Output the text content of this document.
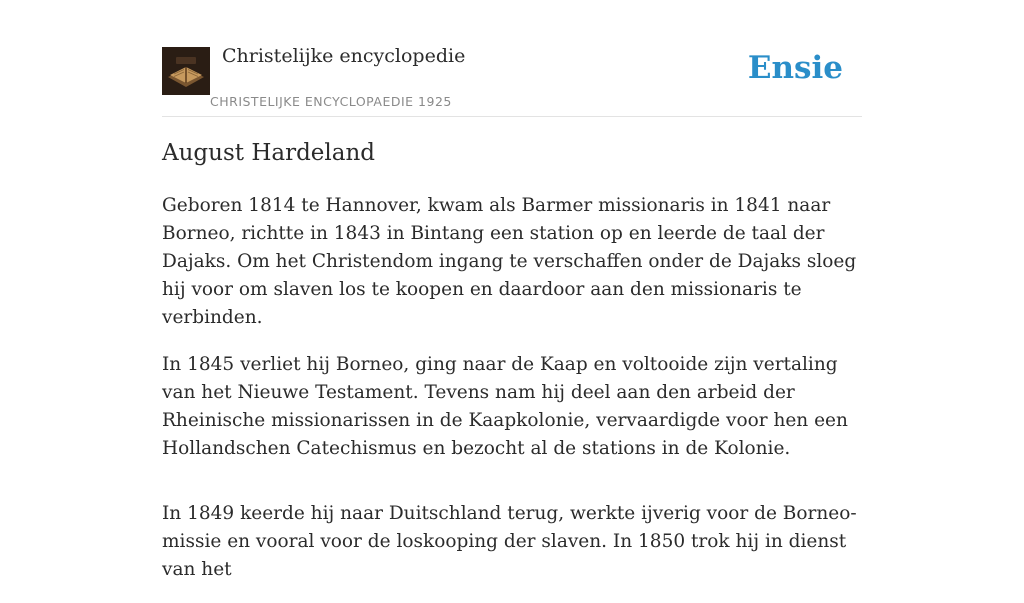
Christelijke encyclopedie
CHRISTELIJKE ENCYCLOPAEDIE 1925
Ensie
August Hardeland

Geboren 1814 te Hannover, kwam als Barmer missionaris in 1841 naar Borneo, richtte in 1843 in Bintang een station op en leerde de taal der Dajaks. Om het Christendom ingang te verschaffen onder de Dajaks sloeg hij voor om slaven los te koopen en daardoor aan den missionaris te verbinden.

In 1845 verliet hij Borneo, ging naar de Kaap en voltooide zijn vertaling van het Nieuwe Testament. Tevens nam hij deel aan den arbeid der Rheinische missionarissen in de Kaapkolonie, vervaardigde voor hen een Hollandschen Catechismus en bezocht al de stations in de Kolonie.

In 1849 keerde hij naar Duitschland terug, werkte ijverig voor de Borneo-missie en vooral voor de loskooping der slaven. In 1850 trok hij in dienst van het
